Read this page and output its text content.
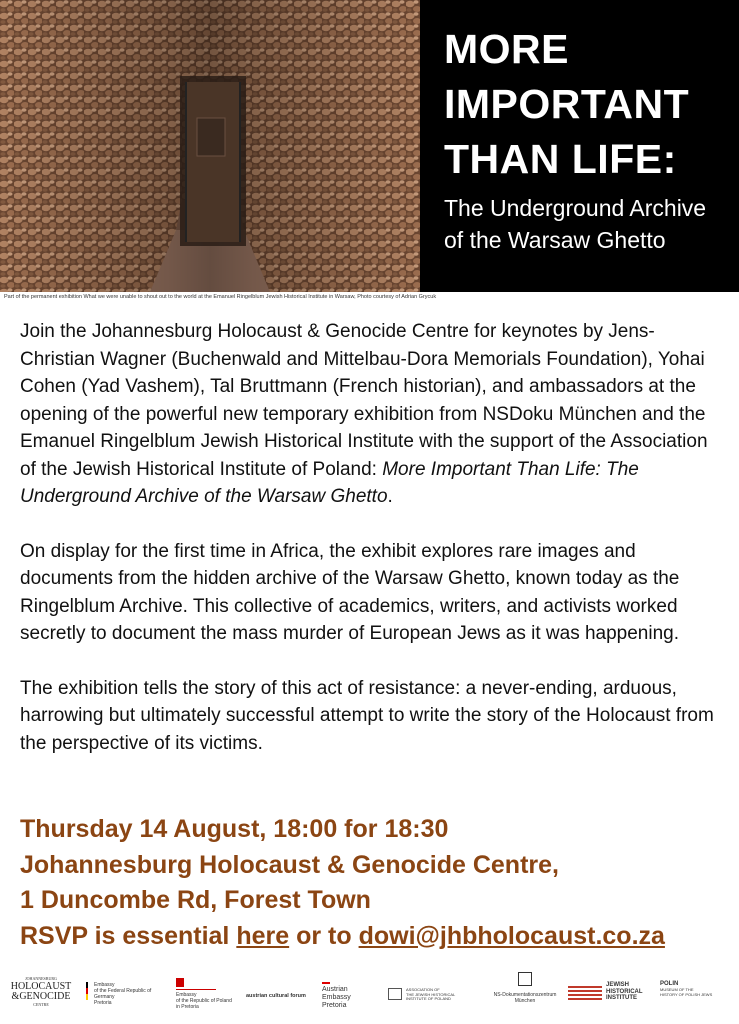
MORE
IMPORTANT
THAN LIFE:
The Underground Archive
of the Warsaw Ghetto
Part of the permanent exhibition What we were unable to shout out to the world at the Emanuel Ringelblum Jewish Historical Institute in Warsaw, Photo courtesy of Adrian Grycuk

Join the Johannesburg Holocaust & Genocide Centre for keynotes by Jens-Christian Wagner (Buchenwald and Mittelbau-Dora Memorials Foundation), Yohai Cohen (Yad Vashem), Tal Bruttmann (French historian), and ambassadors at the opening of the powerful new temporary exhibition from NSDoku München and the Emanuel Ringelblum Jewish Historical Institute with the support of the Association of the Jewish Historical Institute of Poland: More Important Than Life: The Underground Archive of the Warsaw Ghetto.

On display for the first time in Africa, the exhibit explores rare images and documents from the hidden archive of the Warsaw Ghetto, known today as the Ringelblum Archive. This collective of academics, writers, and activists worked secretly to document the mass murder of European Jews as it was happening.

The exhibition tells the story of this act of resistance: a never-ending, arduous, harrowing but ultimately successful attempt to write the story of the Holocaust from the perspective of its victims.

Thursday 14 August, 18:00 for 18:30
Johannesburg Holocaust & Genocide Centre,
1 Duncombe Rd, Forest Town
RSVP is essential here or to dowi@jhbholocaust.co.za
JOHANNESBURG
HOLOCAUST
&GENOCIDE
CENTRE
Embassy
of the Federal Republic of Germany
Pretoria
Embassy
of the Republic of Poland
in Pretoria
austrian cultural forum
Austrian
Embassy
Pretoria
ASSOCIATION OF
THE JEWISH HISTORICAL
INSTITUTE OF POLAND
NS-Dokumentationszentrum
München
JEWISH
HISTORICAL
INSTITUTE
POLIN
MUSEUM OF THE
HISTORY OF POLISH JEWS
